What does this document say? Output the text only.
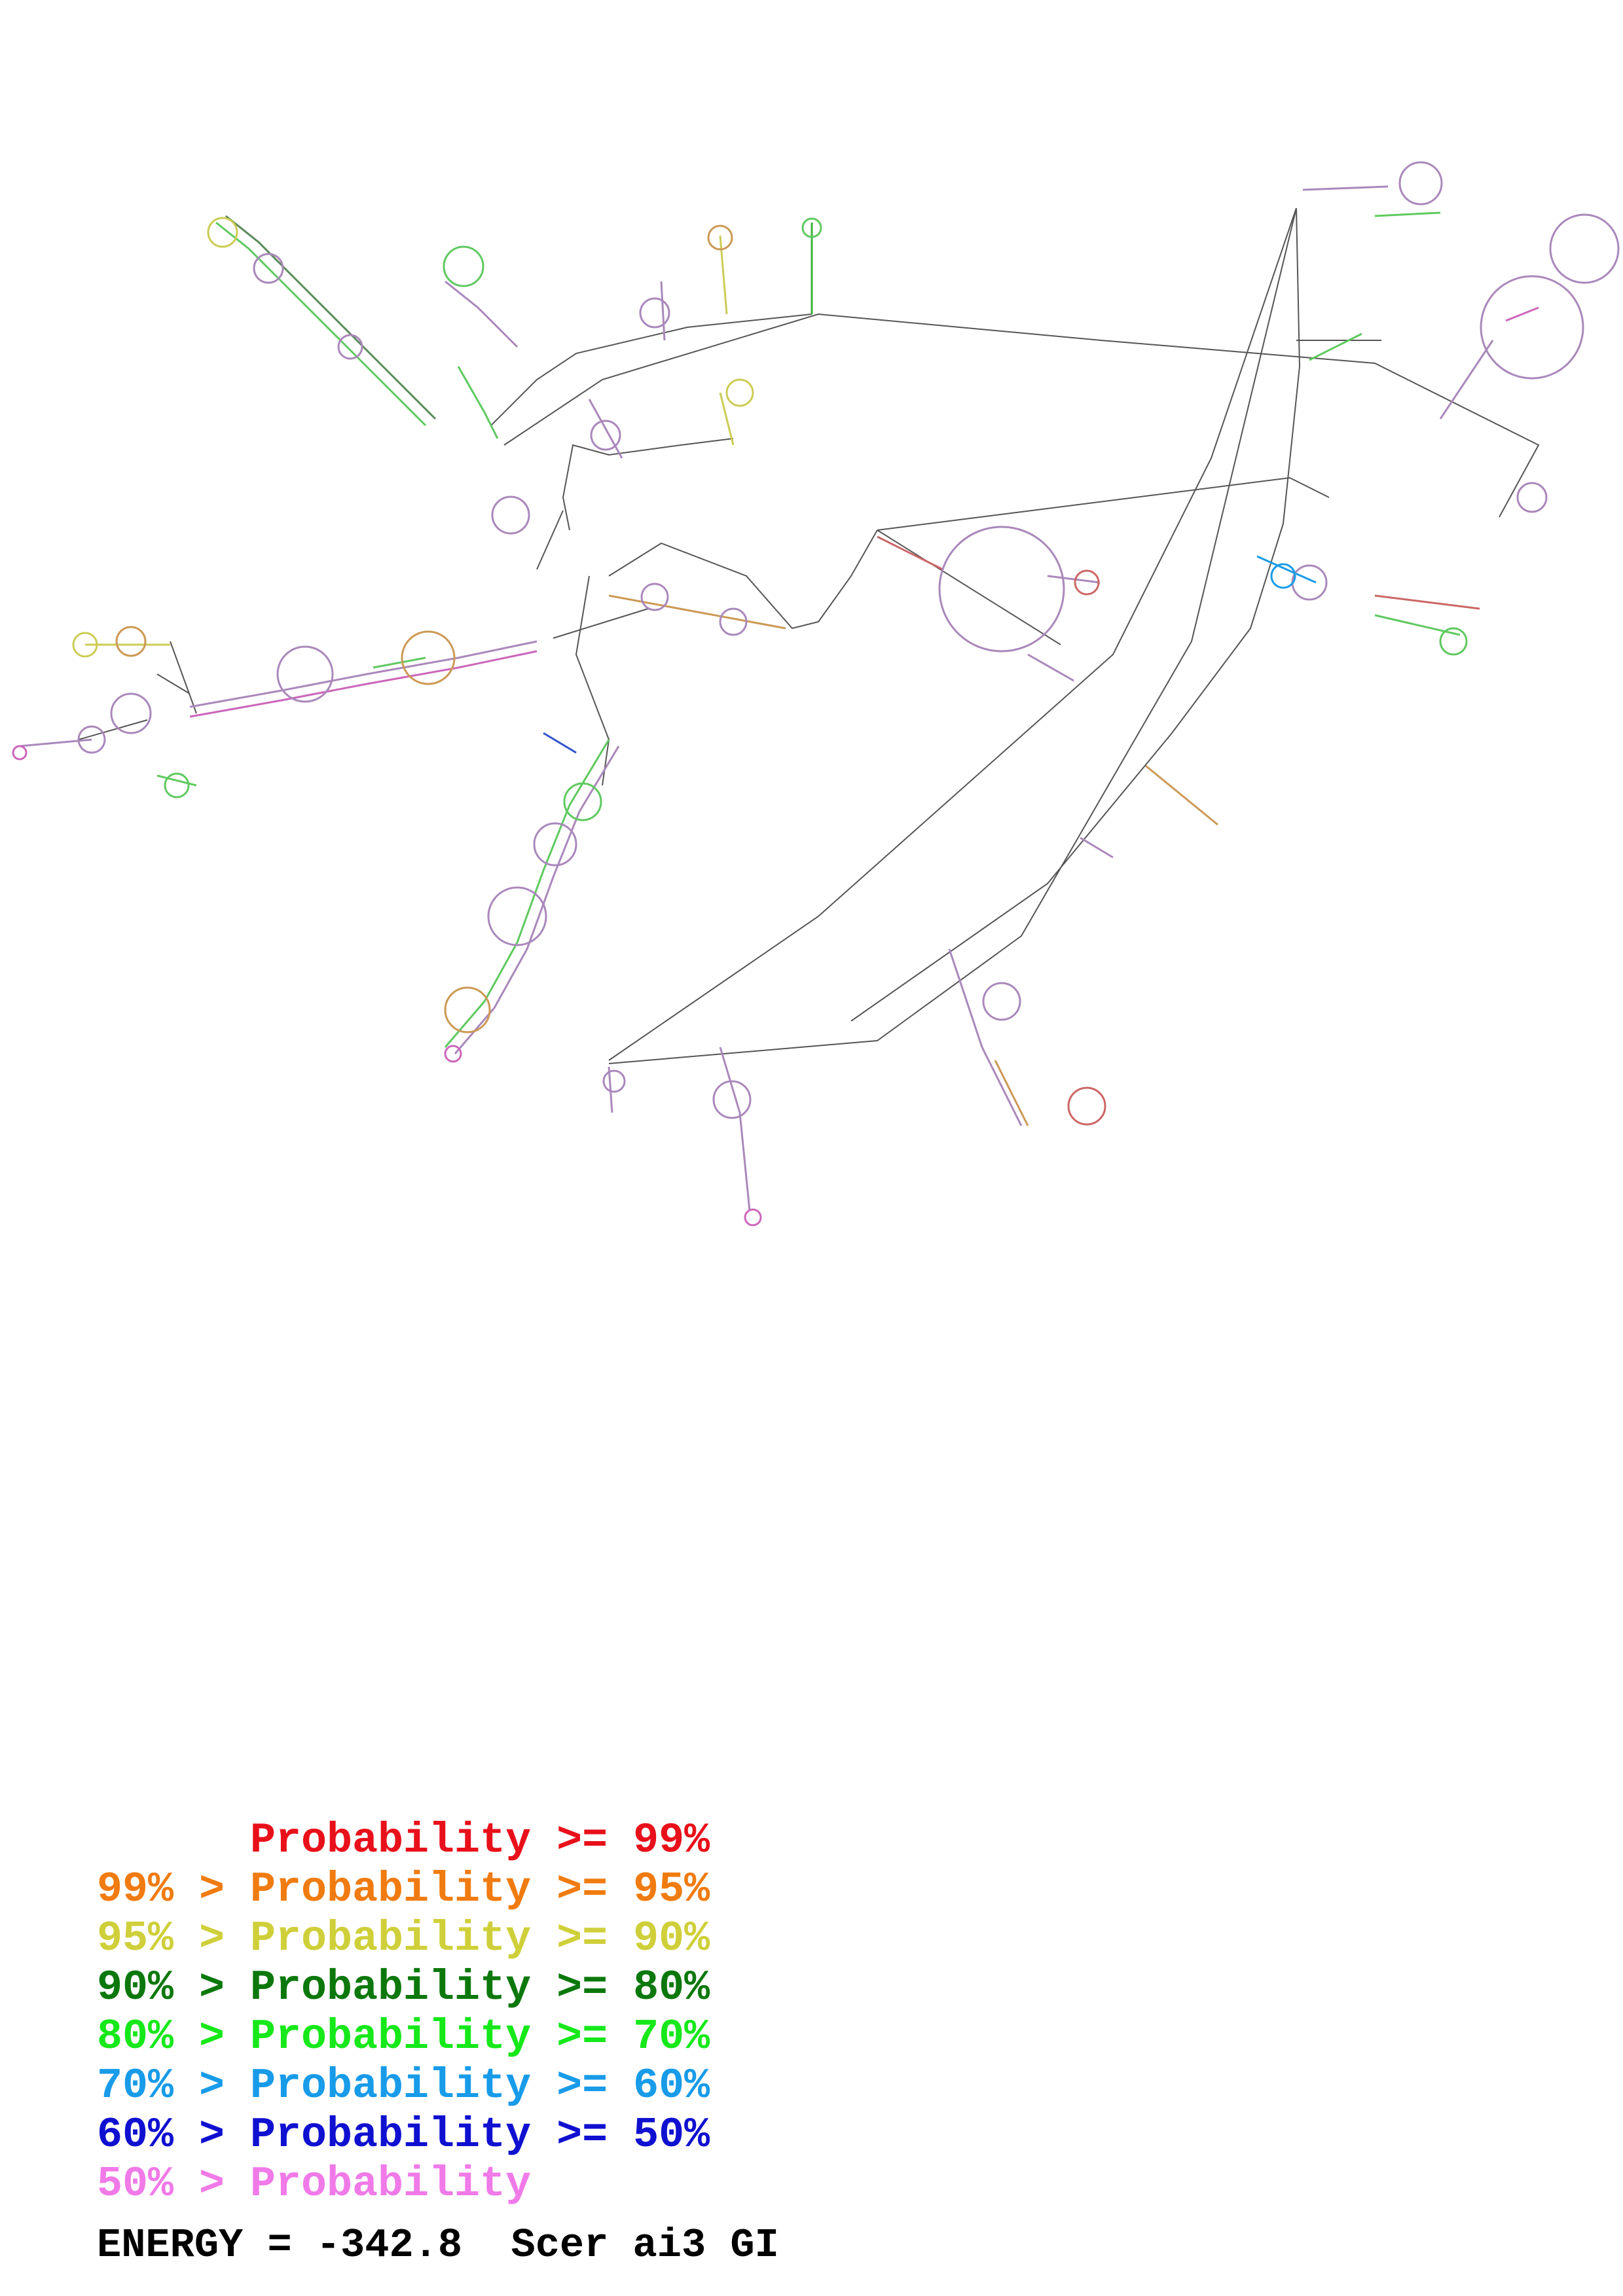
Probability >= 99%
99% > Probability >= 95%
95% > Probability >= 90%
90% > Probability >= 80%
80% > Probability >= 70%
70% > Probability >= 60%
60% > Probability >= 50%
50% > Probability
ENERGY = -342.8  Scer ai3 GI
